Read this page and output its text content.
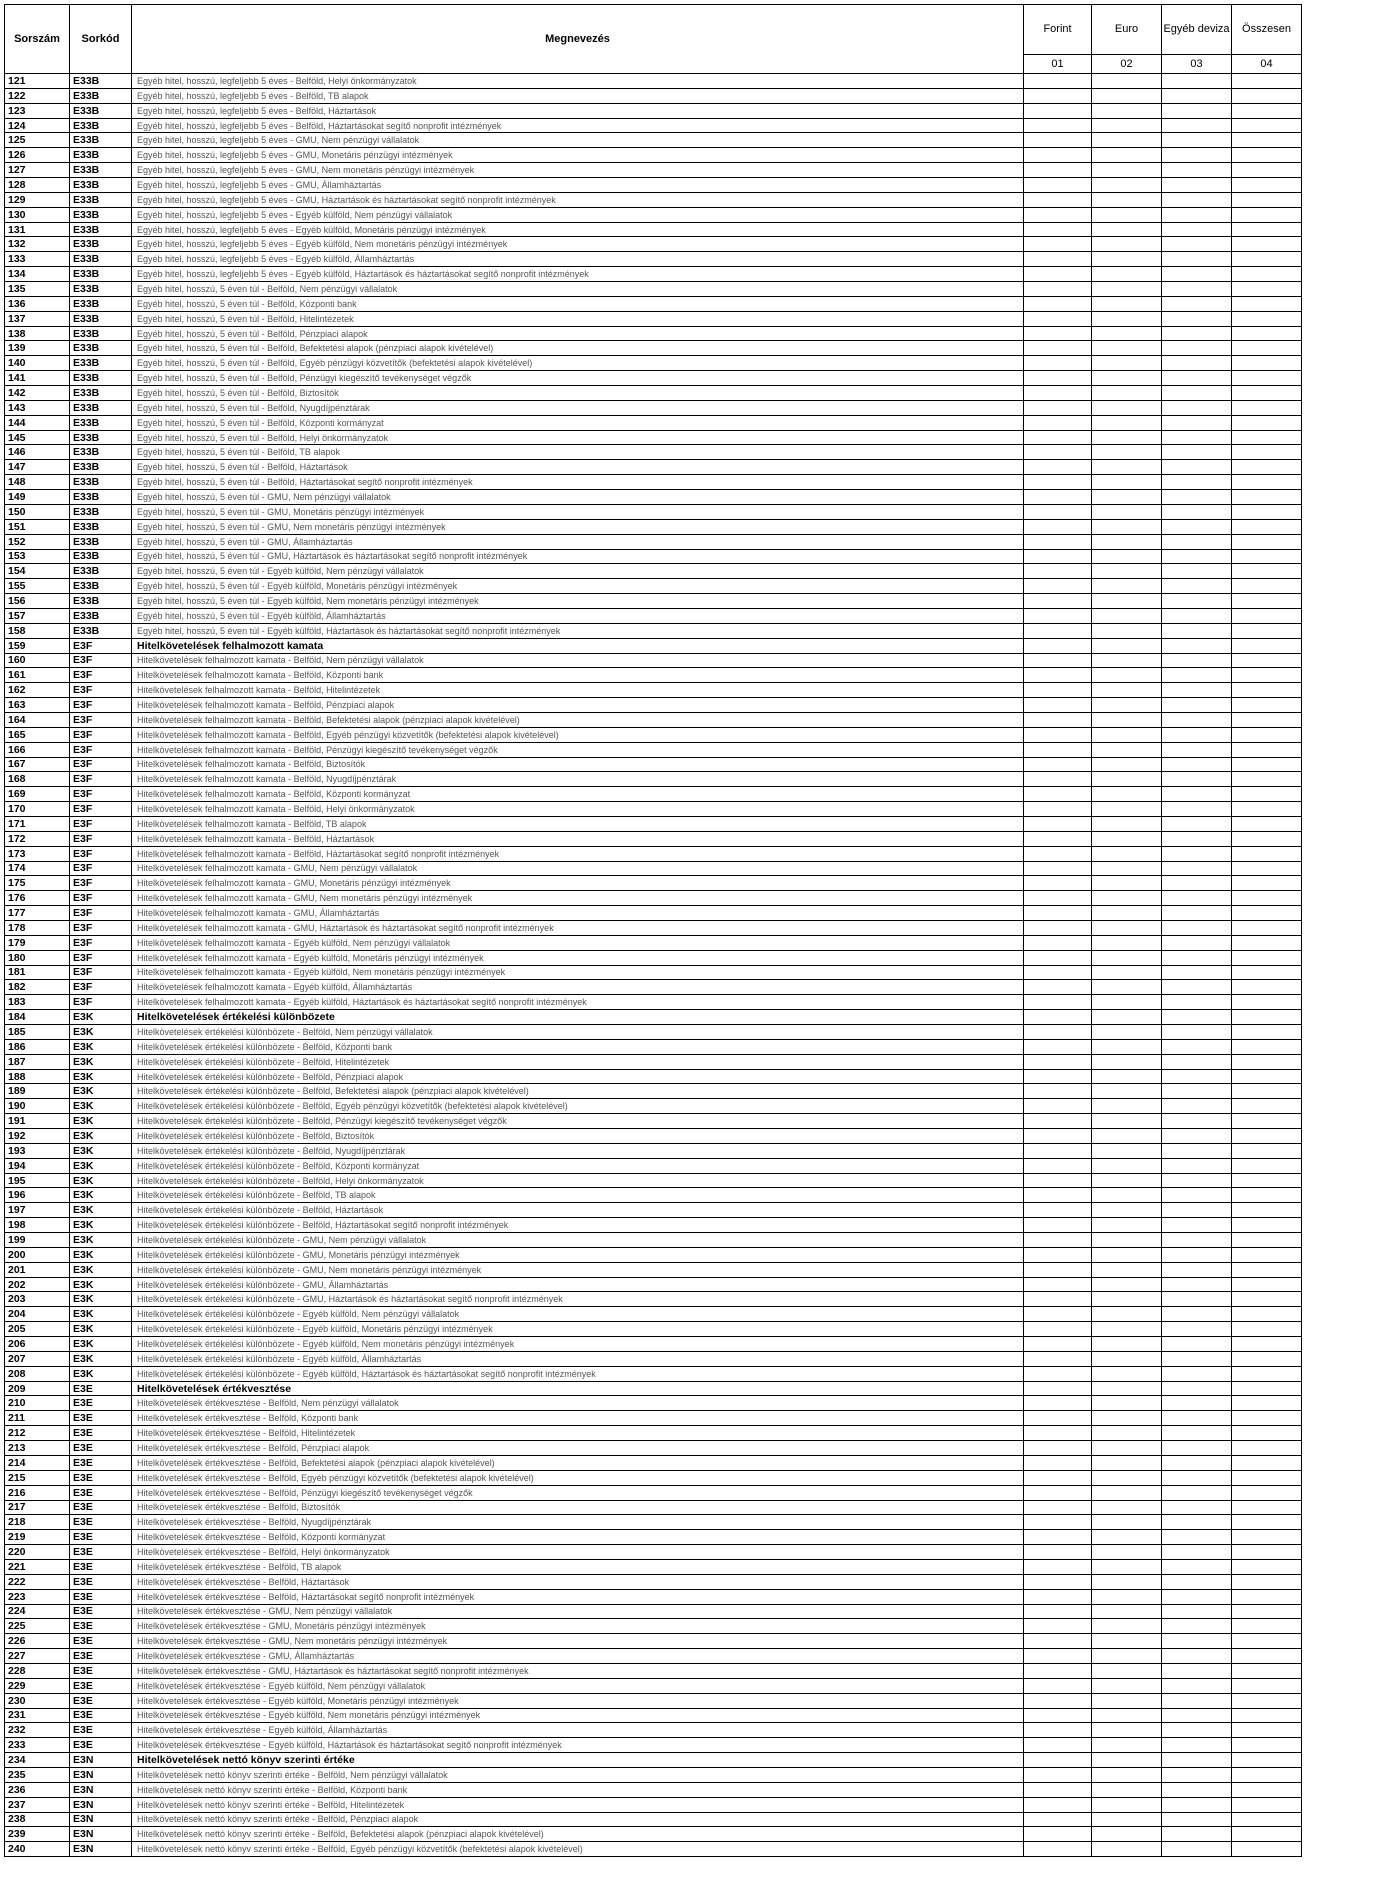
Sorszám	Sorkód	Megnevezés	Forint	Euro	Egyéb deviza	Összesen
			01	02	03	04
121	E33B	Egyéb hitel, hosszú, legfeljebb 5 éves - Belföld, Helyi önkormányzatok				
122	E33B	Egyéb hitel, hosszú, legfeljebb 5 éves - Belföld, TB alapok				
123	E33B	Egyéb hitel, hosszú, legfeljebb 5 éves - Belföld, Háztartások				
124	E33B	Egyéb hitel, hosszú, legfeljebb 5 éves - Belföld, Háztartásokat segítő nonprofit intézmények				
125	E33B	Egyéb hitel, hosszú, legfeljebb 5 éves - GMU, Nem pénzügyi vállalatok				
126	E33B	Egyéb hitel, hosszú, legfeljebb 5 éves - GMU, Monetáris pénzügyi intézmények				
127	E33B	Egyéb hitel, hosszú, legfeljebb 5 éves - GMU, Nem monetáris pénzügyi intézmények				
128	E33B	Egyéb hitel, hosszú, legfeljebb 5 éves - GMU, Államháztartás				
129	E33B	Egyéb hitel, hosszú, legfeljebb 5 éves - GMU, Háztartások és háztartásokat segítő nonprofit intézmények				
130	E33B	Egyéb hitel, hosszú, legfeljebb 5 éves - Egyéb külföld, Nem pénzügyi vállalatok				
131	E33B	Egyéb hitel, hosszú, legfeljebb 5 éves - Egyéb külföld, Monetáris pénzügyi intézmények				
132	E33B	Egyéb hitel, hosszú, legfeljebb 5 éves - Egyéb külföld, Nem monetáris pénzügyi intézmények				
133	E33B	Egyéb hitel, hosszú, legfeljebb 5 éves - Egyéb külföld, Államháztartás				
134	E33B	Egyéb hitel, hosszú, legfeljebb 5 éves - Egyéb külföld, Háztartások és háztartásokat segítő nonprofit intézmények				
135	E33B	Egyéb hitel, hosszú, 5 éven túl - Belföld, Nem pénzügyi vállalatok				
136	E33B	Egyéb hitel, hosszú, 5 éven túl - Belföld, Központi bank				
137	E33B	Egyéb hitel, hosszú, 5 éven túl - Belföld, Hitelintézetek				
138	E33B	Egyéb hitel, hosszú, 5 éven túl - Belföld, Pénzpiaci alapok				
139	E33B	Egyéb hitel, hosszú, 5 éven túl - Belföld, Befektetési alapok (pénzpiaci alapok kivételével)				
140	E33B	Egyéb hitel, hosszú, 5 éven túl - Belföld, Egyéb pénzügyi közvetítők (befektetési alapok kivételével)				
141	E33B	Egyéb hitel, hosszú, 5 éven túl - Belföld, Pénzügyi kiegészítő tevékenységet végzők				
142	E33B	Egyéb hitel, hosszú, 5 éven túl - Belföld, Biztosítók				
143	E33B	Egyéb hitel, hosszú, 5 éven túl - Belföld, Nyugdíjpénztárak				
144	E33B	Egyéb hitel, hosszú, 5 éven túl - Belföld, Központi kormányzat				
145	E33B	Egyéb hitel, hosszú, 5 éven túl - Belföld, Helyi önkormányzatok				
146	E33B	Egyéb hitel, hosszú, 5 éven túl - Belföld, TB alapok				
147	E33B	Egyéb hitel, hosszú, 5 éven túl - Belföld, Háztartások				
148	E33B	Egyéb hitel, hosszú, 5 éven túl - Belföld, Háztartásokat segítő nonprofit intézmények				
149	E33B	Egyéb hitel, hosszú, 5 éven túl - GMU, Nem pénzügyi vállalatok				
150	E33B	Egyéb hitel, hosszú, 5 éven túl - GMU, Monetáris pénzügyi intézmények				
151	E33B	Egyéb hitel, hosszú, 5 éven túl - GMU, Nem monetáris pénzügyi intézmények				
152	E33B	Egyéb hitel, hosszú, 5 éven túl - GMU, Államháztartás				
153	E33B	Egyéb hitel, hosszú, 5 éven túl - GMU, Háztartások és háztartásokat segítő nonprofit intézmények				
154	E33B	Egyéb hitel, hosszú, 5 éven túl - Egyéb külföld, Nem pénzügyi vállalatok				
155	E33B	Egyéb hitel, hosszú, 5 éven túl - Egyéb külföld, Monetáris pénzügyi intézmények				
156	E33B	Egyéb hitel, hosszú, 5 éven túl - Egyéb külföld, Nem monetáris pénzügyi intézmények				
157	E33B	Egyéb hitel, hosszú, 5 éven túl - Egyéb külföld, Államháztartás				
158	E33B	Egyéb hitel, hosszú, 5 éven túl - Egyéb külföld, Háztartások és háztartásokat segítő nonprofit intézmények				
159	E3F	Hitelkövetelések felhalmozott kamata				
160	E3F	Hitelkövetelések felhalmozott kamata - Belföld, Nem pénzügyi vállalatok				
161	E3F	Hitelkövetelések felhalmozott kamata - Belföld, Központi bank				
162	E3F	Hitelkövetelések felhalmozott kamata - Belföld, Hitelintézetek				
163	E3F	Hitelkövetelések felhalmozott kamata - Belföld, Pénzpiaci alapok				
164	E3F	Hitelkövetelések felhalmozott kamata - Belföld, Befektetési alapok (pénzpiaci alapok kivételével)				
165	E3F	Hitelkövetelések felhalmozott kamata - Belföld, Egyéb pénzügyi közvetítők (befektetési alapok kivételével)				
166	E3F	Hitelkövetelések felhalmozott kamata - Belföld, Pénzügyi kiegészítő tevékenységet végzők				
167	E3F	Hitelkövetelések felhalmozott kamata - Belföld, Biztosítók				
168	E3F	Hitelkövetelések felhalmozott kamata - Belföld, Nyugdíjpénztárak				
169	E3F	Hitelkövetelések felhalmozott kamata - Belföld, Központi kormányzat				
170	E3F	Hitelkövetelések felhalmozott kamata - Belföld, Helyi önkormányzatok				
171	E3F	Hitelkövetelések felhalmozott kamata - Belföld, TB alapok				
172	E3F	Hitelkövetelések felhalmozott kamata - Belföld, Háztartások				
173	E3F	Hitelkövetelések felhalmozott kamata - Belföld, Háztartásokat segítő nonprofit intézmények				
174	E3F	Hitelkövetelések felhalmozott kamata - GMU, Nem pénzügyi vállalatok				
175	E3F	Hitelkövetelések felhalmozott kamata - GMU, Monetáris pénzügyi intézmények				
176	E3F	Hitelkövetelések felhalmozott kamata - GMU, Nem monetáris pénzügyi intézmények				
177	E3F	Hitelkövetelések felhalmozott kamata - GMU, Államháztartás				
178	E3F	Hitelkövetelések felhalmozott kamata - GMU, Háztartások és háztartásokat segítő nonprofit intézmények				
179	E3F	Hitelkövetelések felhalmozott kamata - Egyéb külföld, Nem pénzügyi vállalatok				
180	E3F	Hitelkövetelések felhalmozott kamata - Egyéb külföld, Monetáris pénzügyi intézmények				
181	E3F	Hitelkövetelések felhalmozott kamata - Egyéb külföld, Nem monetáris pénzügyi intézmények				
182	E3F	Hitelkövetelések felhalmozott kamata - Egyéb külföld, Államháztartás				
183	E3F	Hitelkövetelések felhalmozott kamata - Egyéb külföld, Háztartások és háztartásokat segítő nonprofit intézmények				
184	E3K	Hitelkövetelések értékelési különbözete				
185	E3K	Hitelkövetelések értékelési különbözete - Belföld, Nem pénzügyi vállalatok				
186	E3K	Hitelkövetelések értékelési különbözete - Belföld, Központi bank				
187	E3K	Hitelkövetelések értékelési különbözete - Belföld, Hitelintézetek				
188	E3K	Hitelkövetelések értékelési különbözete - Belföld, Pénzpiaci alapok				
189	E3K	Hitelkövetelések értékelési különbözete - Belföld, Befektetési alapok (pénzpiaci alapok kivételével)				
190	E3K	Hitelkövetelések értékelési különbözete - Belföld, Egyéb pénzügyi közvetítők (befektetési alapok kivételével)				
191	E3K	Hitelkövetelések értékelési különbözete - Belföld, Pénzügyi kiegészítő tevékenységet végzők				
192	E3K	Hitelkövetelések értékelési különbözete - Belföld, Biztosítók				
193	E3K	Hitelkövetelések értékelési különbözete - Belföld, Nyugdíjpénztárak				
194	E3K	Hitelkövetelések értékelési különbözete - Belföld, Központi kormányzat				
195	E3K	Hitelkövetelések értékelési különbözete - Belföld, Helyi önkormányzatok				
196	E3K	Hitelkövetelések értékelési különbözete - Belföld, TB alapok				
197	E3K	Hitelkövetelések értékelési különbözete - Belföld, Háztartások				
198	E3K	Hitelkövetelések értékelési különbözete - Belföld, Háztartásokat segítő nonprofit intézmények				
199	E3K	Hitelkövetelések értékelési különbözete - GMU, Nem pénzügyi vállalatok				
200	E3K	Hitelkövetelések értékelési különbözete - GMU, Monetáris pénzügyi intézmények				
201	E3K	Hitelkövetelések értékelési különbözete - GMU, Nem monetáris pénzügyi intézmények				
202	E3K	Hitelkövetelések értékelési különbözete - GMU, Államháztartás				
203	E3K	Hitelkövetelések értékelési különbözete - GMU, Háztartások és háztartásokat segítő nonprofit intézmények				
204	E3K	Hitelkövetelések értékelési különbözete - Egyéb külföld, Nem pénzügyi vállalatok				
205	E3K	Hitelkövetelések értékelési különbözete - Egyéb külföld, Monetáris pénzügyi intézmények				
206	E3K	Hitelkövetelések értékelési különbözete - Egyéb külföld, Nem monetáris pénzügyi intézmények				
207	E3K	Hitelkövetelések értékelési különbözete - Egyéb külföld, Államháztartás				
208	E3K	Hitelkövetelések értékelési különbözete - Egyéb külföld, Háztartások és háztartásokat segítő nonprofit intézmények				
209	E3E	Hitelkövetelések értékvesztése				
210	E3E	Hitelkövetelések értékvesztése - Belföld, Nem pénzügyi vállalatok				
211	E3E	Hitelkövetelések értékvesztése - Belföld, Központi bank				
212	E3E	Hitelkövetelések értékvesztése - Belföld, Hitelintézetek				
213	E3E	Hitelkövetelések értékvesztése - Belföld, Pénzpiaci alapok				
214	E3E	Hitelkövetelések értékvesztése - Belföld, Befektetési alapok (pénzpiaci alapok kivételével)				
215	E3E	Hitelkövetelések értékvesztése - Belföld, Egyéb pénzügyi közvetítők (befektetési alapok kivételével)				
216	E3E	Hitelkövetelések értékvesztése - Belföld, Pénzügyi kiegészítő tevékenységet végzők				
217	E3E	Hitelkövetelések értékvesztése - Belföld, Biztosítók				
218	E3E	Hitelkövetelések értékvesztése - Belföld, Nyugdíjpénztárak				
219	E3E	Hitelkövetelések értékvesztése - Belföld, Központi kormányzat				
220	E3E	Hitelkövetelések értékvesztése - Belföld, Helyi önkormányzatok				
221	E3E	Hitelkövetelések értékvesztése - Belföld, TB alapok				
222	E3E	Hitelkövetelések értékvesztése - Belföld, Háztartások				
223	E3E	Hitelkövetelések értékvesztése - Belföld, Háztartásokat segítő nonprofit intézmények				
224	E3E	Hitelkövetelések értékvesztése - GMU, Nem pénzügyi vállalatok				
225	E3E	Hitelkövetelések értékvesztése - GMU, Monetáris pénzügyi intézmények				
226	E3E	Hitelkövetelések értékvesztése - GMU, Nem monetáris pénzügyi intézmények				
227	E3E	Hitelkövetelések értékvesztése - GMU, Államháztartás				
228	E3E	Hitelkövetelések értékvesztése - GMU, Háztartások és háztartásokat segítő nonprofit intézmények				
229	E3E	Hitelkövetelések értékvesztése - Egyéb külföld, Nem pénzügyi vállalatok				
230	E3E	Hitelkövetelések értékvesztése - Egyéb külföld, Monetáris pénzügyi intézmények				
231	E3E	Hitelkövetelések értékvesztése - Egyéb külföld, Nem monetáris pénzügyi intézmények				
232	E3E	Hitelkövetelések értékvesztése - Egyéb külföld, Államháztartás				
233	E3E	Hitelkövetelések értékvesztése - Egyéb külföld, Háztartások és háztartásokat segítő nonprofit intézmények				
234	E3N	Hitelkövetelések nettó könyv szerinti értéke				
235	E3N	Hitelkövetelések nettó könyv szerinti értéke - Belföld, Nem pénzügyi vállalatok				
236	E3N	Hitelkövetelések nettó könyv szerinti értéke - Belföld, Központi bank				
237	E3N	Hitelkövetelések nettó könyv szerinti értéke - Belföld, Hitelintézetek				
238	E3N	Hitelkövetelések nettó könyv szerinti értéke - Belföld, Pénzpiaci alapok				
239	E3N	Hitelkövetelések nettó könyv szerinti értéke - Belföld, Befektetési alapok (pénzpiaci alapok kivételével)				
240	E3N	Hitelkövetelések nettó könyv szerinti értéke - Belföld, Egyéb pénzügyi közvetítők (befektetési alapok kivételével)				
